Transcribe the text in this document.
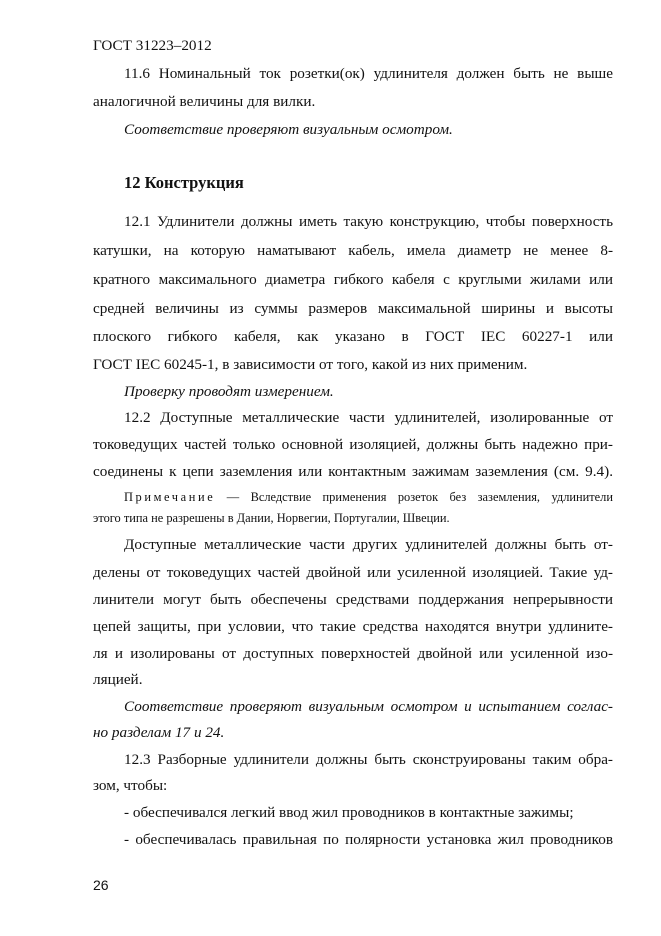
ГОСТ 31223–2012
11.6 Номинальный ток розетки(ок) удлинителя должен быть не выше
аналогичной величины для вилки.
Соответствие проверяют визуальным осмотром.
12 Конструкция
12.1 Удлинители должны иметь такую конструкцию, чтобы поверхность
катушки, на которую наматывают кабель, имела диаметр не менее 8-
кратного максимального диаметра гибкого кабеля с круглыми жилами или
средней величины из суммы размеров максимальной ширины и высоты
плоского гибкого кабеля, как указано в ГОСТ IEC 60227-1 или
ГОСТ IEC 60245-1, в зависимости от того, какой из них применим.
Проверку проводят измерением.
12.2 Доступные металлические части удлинителей, изолированные от
токоведущих частей только основной изоляцией, должны быть надежно при-
соединены к цепи заземления или контактным зажимам заземления (см. 9.4).
Примечание — Вследствие применения розеток без заземления, удлинители
этого типа не разрешены в Дании, Норвегии, Португалии, Швеции.
Доступные металлические части других удлинителей должны быть от-
делены от токоведущих частей двойной или усиленной изоляцией. Такие уд-
линители могут быть обеспечены средствами поддержания непрерывности
цепей защиты, при условии, что такие средства находятся внутри удлините-
ля и изолированы от доступных поверхностей двойной или усиленной изо-
ляцией.
Соответствие проверяют визуальным осмотром и испытанием соглас-
но разделам 17 и 24.
12.3 Разборные удлинители должны быть сконструированы таким обра-
зом, чтобы:
- обеспечивался легкий ввод жил проводников в контактные зажимы;
- обеспечивалась правильная по полярности установка жил проводников
26
